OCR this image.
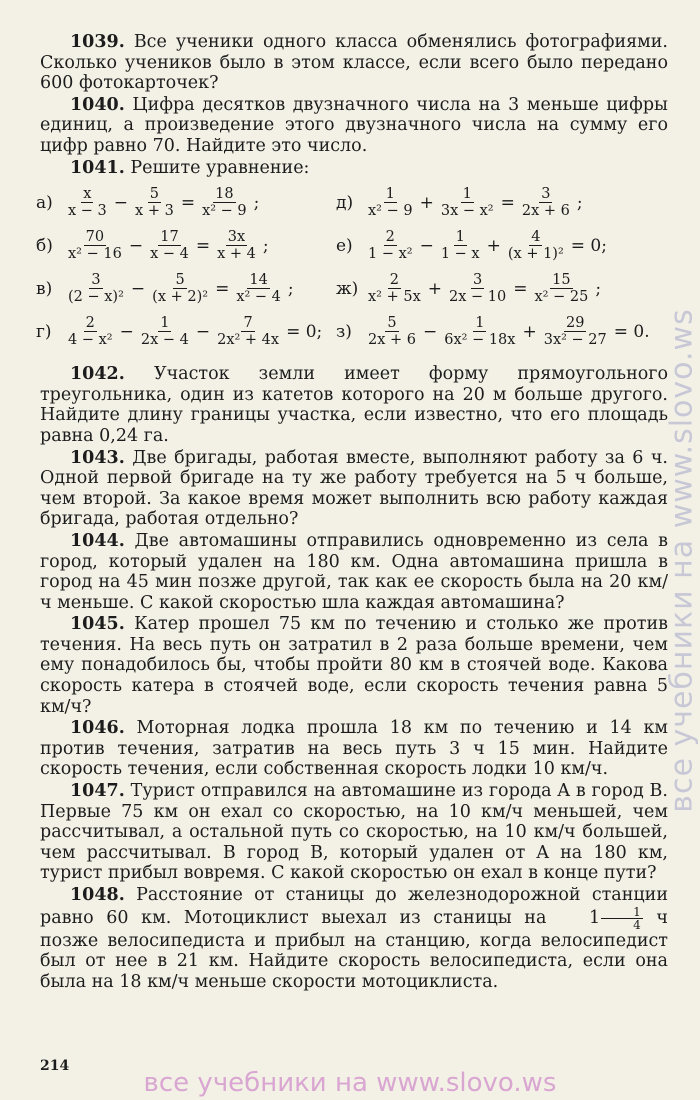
1039. Все ученики одного класса обменялись фотографиями. Сколько учеников было в этом классе, если всего было передано 600 фотокарточек?

1040. Цифра десятков двузначного числа на 3 меньше цифры единиц, а произведение этого двузначного числа на сумму его цифр равно 70. Найдите это число.

1041. Решите уравнение:

$а) \frac{x}{x - 3} - \frac{5}{x + 3} = \frac{18}{\text{x² − 9}}$ ;
$б) \frac{70}{\text{x² − 16}} - \frac{17}{x - 4} = \frac{3x}{x + 4}$ ;
$в) \frac{3}{\text{(2 − x)²}} - \frac{5}{\text{(x + 2)²}} = \frac{14}{\text{x² − 4}}$ ;
$г) \frac{2}{\text{4 − x²}} - \frac{1}{2x - 4} - \frac{7}{\text{2x² + 4x}} = 0$;
$д) \frac{1}{\text{x² − 9}} + \frac{1}{\text{3x − x²}} = \frac{3}{2x + 6}$ ;
$е) \frac{2}{\text{1 − x²}} - \frac{1}{1 - x} + \frac{4}{\text{(x + 1)²}} = 0$;
$ж) \frac{2}{\text{x² + 5x}} + \frac{3}{2x - 10} = \frac{15}{\text{x² − 25}}$ ;
$з) \frac{5}{2x + 6} - \frac{1}{\text{6x² − 18x}} + \frac{29}{\text{3x² − 27}} = 0$.

1042. Участок земли имеет форму прямоугольного треугольника, один из катетов которого на 20 м больше другого. Найдите длину границы участка, если известно, что его площадь равна 0,24 га.

1043. Две бригады, работая вместе, выполняют работу за 6 ч. Одной первой бригаде на ту же работу требуется на 5 ч больше, чем второй. За какое время может выполнить всю работу каждая бригада, работая отдельно?

1044. Две автомашины отправились одновременно из села в город, который удален на 180 км. Одна автомашина пришла в город на 45 мин позже другой, так как ее скорость была на 20 км/ч меньше. С какой скоростью шла каждая автомашина?

1045. Катер прошел 75 км по течению и столько же против течения. На весь путь он затратил в 2 раза больше времени, чем ему понадобилось бы, чтобы пройти 80 км в стоячей воде. Какова скорость катера в стоячей воде, если скорость течения равна 5 км/ч?

1046. Моторная лодка прошла 18 км по течению и 14 км против течения, затратив на весь путь 3 ч 15 мин. Найдите скорость течения, если собственная скорость лодки 10 км/ч.

1047. Турист отправился на автомашине из города A в город B. Первые 75 км он ехал со скоростью, на 10 км/ч меньшей, чем рассчитывал, а остальной путь со скоростью, на 10 км/ч большей, чем рассчитывал. В город B, который удален от A на 180 км, турист прибыл вовремя. С какой скоростью он ехал в конце пути?

1048. Расстояние от станицы до железнодорожной станции равно 60 км. Мотоциклист выехал из станицы на	$1 \frac{1}{4}$ ч позже велосипедиста и прибыл на станцию, когда велосипедист был от нее в 21 км. Найдите скорость велосипедиста, если она была на 18 км/ч меньше скорости мотоциклиста.

214
все учебники на www.slovo.ws
все учебники на www.slovo.ws
